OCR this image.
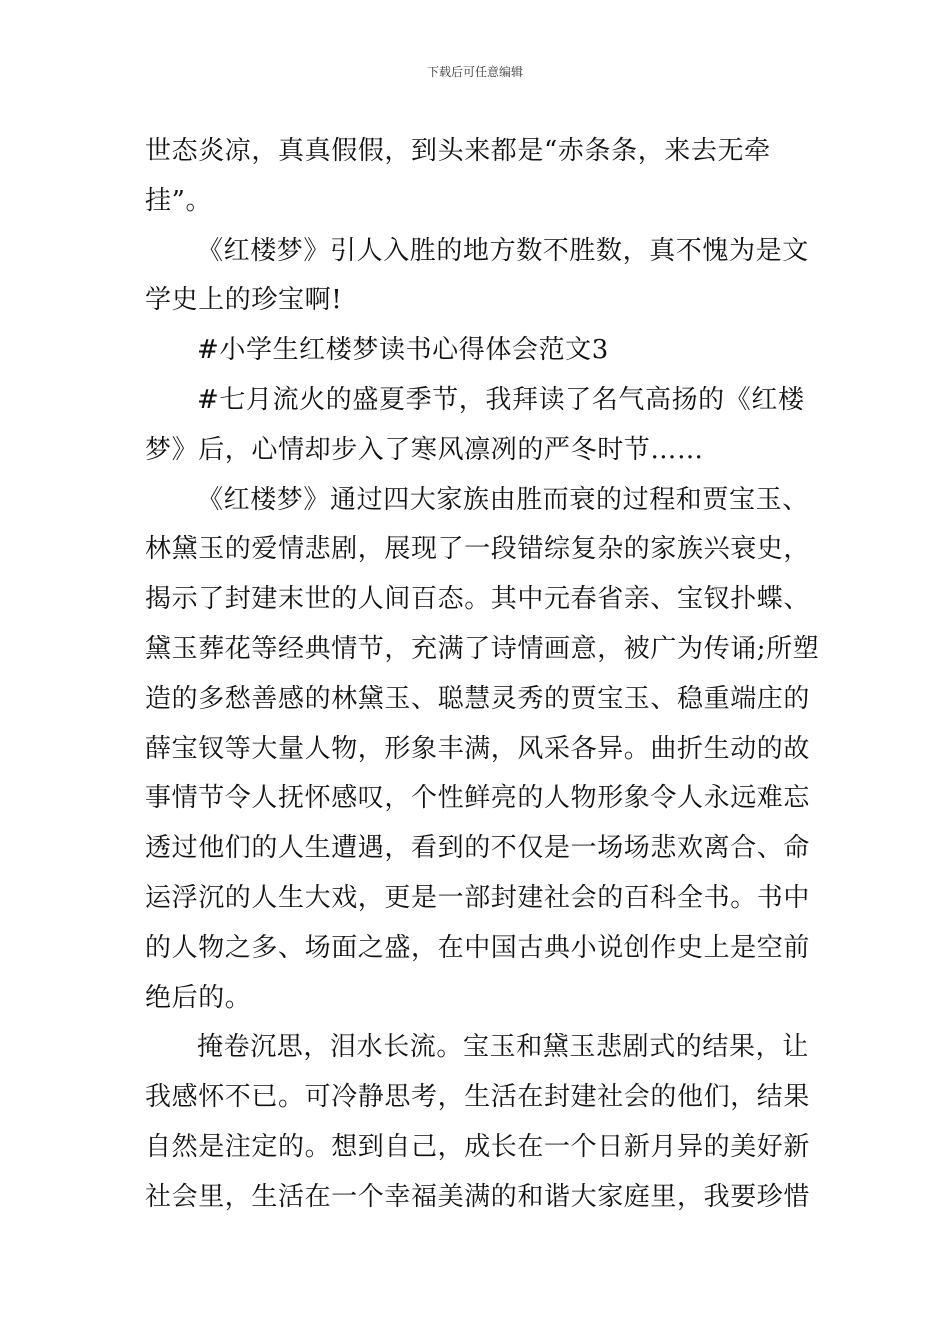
下载后可任意编辑
世态炎凉，真真假假，到头来都是“赤条条，来去无牵
挂”。
《红楼梦》引人入胜的地方数不胜数，真不愧为是文
学史上的珍宝啊!
#小学生红楼梦读书心得体会范文3
#七月流火的盛夏季节，我拜读了名气高扬的《红楼
梦》后，心情却步入了寒风凛冽的严冬时节……
《红楼梦》通过四大家族由胜而衰的过程和贾宝玉、
林黛玉的爱情悲剧，展现了一段错综复杂的家族兴衰史，
揭示了封建末世的人间百态。其中元春省亲、宝钗扑蝶、
黛玉葬花等经典情节，充满了诗情画意，被广为传诵;所塑
造的多愁善感的林黛玉、聪慧灵秀的贾宝玉、稳重端庄的
薛宝钗等大量人物，形象丰满，风采各异。曲折生动的故
事情节令人抚怀感叹，个性鲜亮的人物形象令人永远难忘
透过他们的人生遭遇，看到的不仅是一场场悲欢离合、命
运浮沉的人生大戏，更是一部封建社会的百科全书。书中
的人物之多、场面之盛，在中国古典小说创作史上是空前
绝后的。
掩卷沉思，泪水长流。宝玉和黛玉悲剧式的结果，让
我感怀不已。可冷静思考，生活在封建社会的他们，结果
自然是注定的。想到自己，成长在一个日新月异的美好新
社会里，生活在一个幸福美满的和谐大家庭里，我要珍惜
